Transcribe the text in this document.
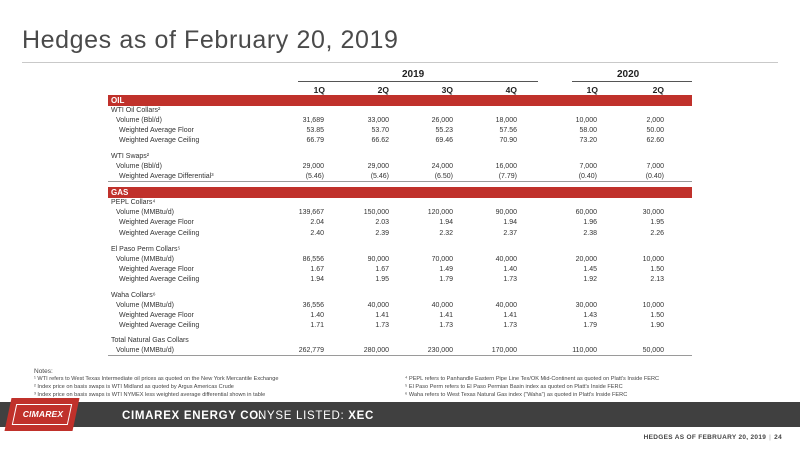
Hedges as of February 20, 2019
2019	2020
1Q	2Q	3Q	4Q	1Q	2Q
OIL
WTI Oil Collars²
Volume (Bbl/d)	31,689	33,000	26,000	18,000	10,000	2,000
Weighted Average Floor	53.85	53.70	55.23	57.56	58.00	50.00
Weighted Average Ceiling	66.79	66.62	69.46	70.90	73.20	62.60
WTI Swaps²
Volume (Bbl/d)	29,000	29,000	24,000	16,000	7,000	7,000
Weighted Average Differential³	(5.46)	(5.46)	(6.50)	(7.79)	(0.40)	(0.40)
GAS
PEPL Collars⁴
Volume (MMBtu/d)	139,667	150,000	120,000	90,000	60,000	30,000
Weighted Average Floor	2.04	2.03	1.94	1.94	1.96	1.95
Weighted Average Ceiling	2.40	2.39	2.32	2.37	2.38	2.26
El Paso Perm Collars⁵
Volume (MMBtu/d)	86,556	90,000	70,000	40,000	20,000	10,000
Weighted Average Floor	1.67	1.67	1.49	1.40	1.45	1.50
Weighted Average Ceiling	1.94	1.95	1.79	1.73	1.92	2.13
Waha Collars⁶
Volume (MMBtu/d)	36,556	40,000	40,000	40,000	30,000	10,000
Weighted Average Floor	1.40	1.41	1.41	1.41	1.43	1.50
Weighted Average Ceiling	1.71	1.73	1.73	1.73	1.79	1.90
Total Natural Gas Collars
Volume (MMBtu/d)	262,779	280,000	230,000	170,000	110,000	50,000
Notes:
¹ WTI refers to West Texas Intermediate oil prices as quoted on the New York Mercantile Exchange
² Index price on basis swaps is WTI Midland as quoted by Argus Americas Crude
³ Index price on basis swaps is WTI NYMEX less weighted average differential shown in table
⁴ PEPL refers to Panhandle Eastern Pipe Line Tex/OK Mid-Continent as quoted on Platt's Inside FERC
⁵ El Paso Perm refers to El Paso Permian Basin index as quoted on Platt's Inside FERC
⁶ Waha refers to West Texas Natural Gas index (“Waha”) as quoted in Platt's Inside FERC
CIMAREX	CIMAREX ENERGY CO.
NYSE LISTED: XEC
HEDGES AS OF FEBRUARY 20, 2019 | 24
